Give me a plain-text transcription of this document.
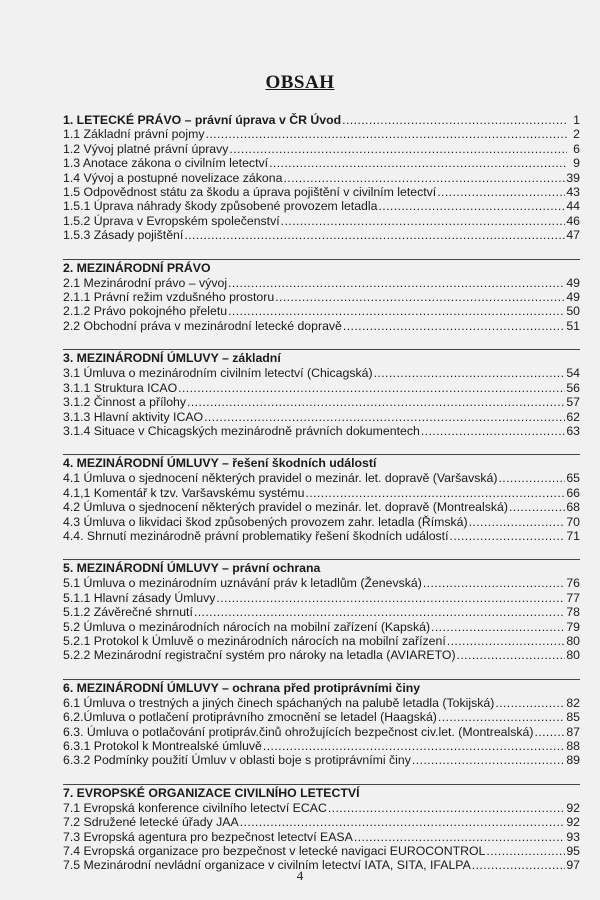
OBSAH
1. LETECKÉ PRÁVO – právní úprava v ČR Úvod .....	1
1.1 Základní právní pojmy .....	2
1.2 Vývoj platné právní úpravy .....	6
1.3 Anotace zákona o civilním letectví .....	9
1.4 Vývoj a postupné novelizace zákona .....	39
1.5 Odpovědnost státu za škodu a úprava pojištění v civilním letectví .....	43
1.5.1 Úprava náhrady škody způsobené provozem letadla .....	44
1.5.2 Úprava v Evropském společenství .....	46
1.5.3 Zásady pojištění .....	47
2. MEZINÁRODNÍ PRÁVO
2.1 Mezinárodní právo – vývoj .....	49
2.1.1 Právní režim vzdušného prostoru .....	49
2.1.2 Právo pokojného přeletu .....	50
2.2 Obchodní práva v mezinárodní letecké dopravě .....	51
3. MEZINÁRODNÍ ÚMLUVY – základní
3.1 Úmluva o mezinárodním civilním letectví (Chicagská) .....	54
3.1.1 Struktura ICAO .....	56
3.1.2 Činnost a přílohy .....	57
3.1.3 Hlavní aktivity ICAO .....	62
3.1.4 Situace v Chicagských mezinárodně právních dokumentech .....	63
4. MEZINÁRODNÍ ÚMLUVY – řešení škodních událostí
4.1 Úmluva o sjednocení některých pravidel o mezinár. let. dopravě (Varšavská) .....	65
4.1,1 Komentář k tzv. Varšavskému systému .....	66
4.2 Úmluva o sjednocení některých pravidel o mezinár. let. dopravě (Montrealská) .....	68
4.3 Úmluva o likvidaci škod způsobených provozem zahr. letadla (Římská) .....	70
4.4. Shrnutí mezinárodně právní problematiky řešení škodních událostí .....	71
5. MEZINÁRODNÍ ÚMLUVY – právní ochrana
5.1 Úmluva o mezinárodním uznávání práv k letadlům (Ženevská) .....	76
5.1.1 Hlavní zásady Úmluvy .....	77
5.1.2 Závěrečné shrnutí .....	78
5.2 Úmluva o mezinárodních nárocích na mobilní zařízení (Kapská) .....	79
5.2.1 Protokol k Úmluvě o mezinárodních nárocích na mobilní zařízení .....	80
5.2.2 Mezinárodní registrační systém pro nároky na letadla (AVIARETO) .....	80
6. MEZINÁRODNÍ ÚMLUVY – ochrana před protiprávními činy
6.1 Úmluva o trestných a jiných činech spáchaných na palubě letadla (Tokijská) .....	82
6.2.Úmluva o potlačení protiprávního zmocnění se letadel (Haagská) .....	85
6.3. Úmluva o potlačování protipráv.činů ohrožujících bezpečnost civ.let. (Montrealská) .....	87
6.3.1 Protokol k Montrealské úmluvě .....	88
6.3.2 Podmínky použití Úmluv v oblasti boje s protiprávními činy .....	89
7. EVROPSKÉ ORGANIZACE CIVILNÍHO LETECTVÍ
7.1 Evropská konference civilního letectví ECAC .....	92
7.2 Sdružené letecké úřady JAA .....	92
7.3 Evropská agentura pro bezpečnost letectví EASA .....	93
7.4 Evropská organizace pro bezpečnost v letecké navigaci EUROCONTROL .....	95
7.5 Mezinárodní nevládní organizace v civilním letectví IATA, SITA, IFALPA .....	97
4
